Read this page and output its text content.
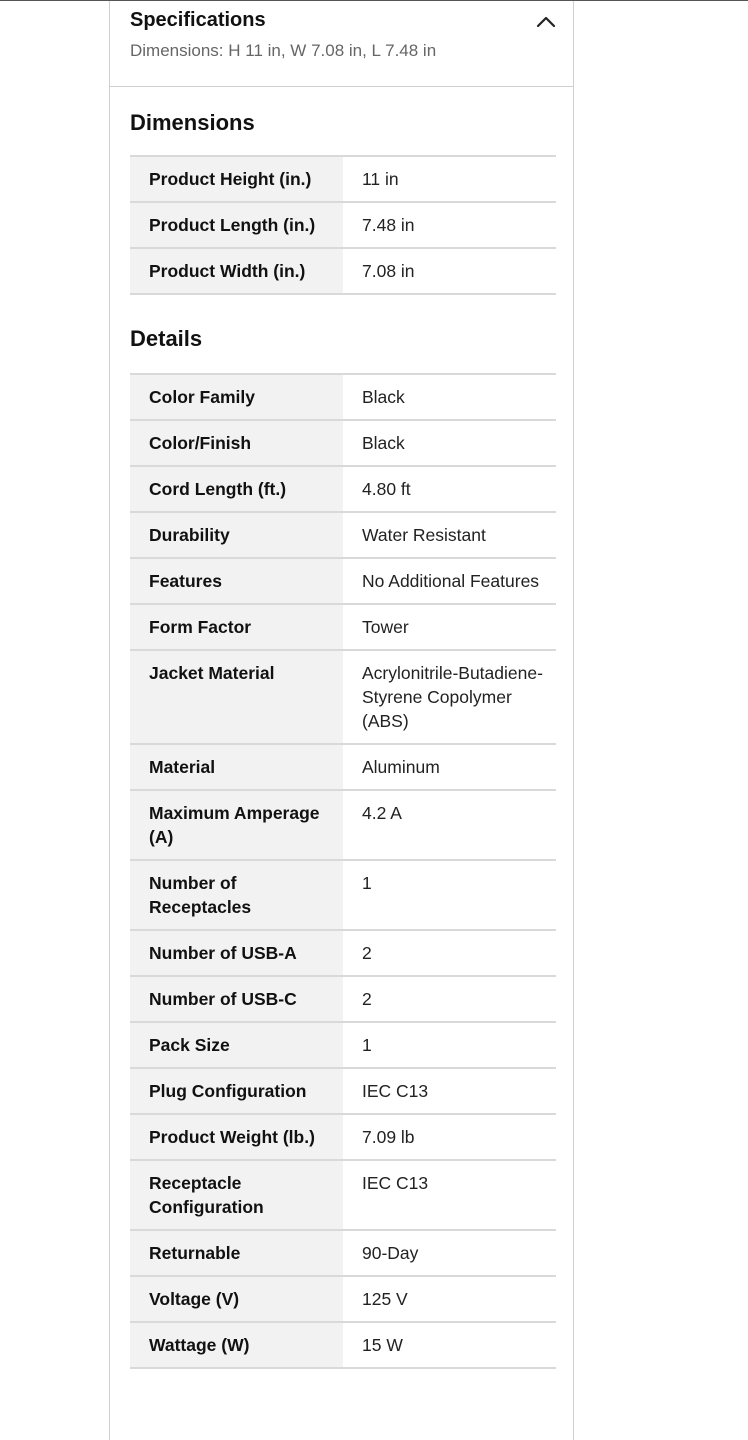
Specifications
Dimensions: H 11 in, W 7.08 in, L 7.48 in
Dimensions
Product Height (in.)	11 in
Product Length (in.)	7.48 in
Product Width (in.)	7.08 in
Details
Color Family	Black
Color/Finish	Black
Cord Length (ft.)	4.80 ft
Durability	Water Resistant
Features	No Additional Features
Form Factor	Tower
Jacket Material	Acrylonitrile-Butadiene-Styrene Copolymer (ABS)
Material	Aluminum
Maximum Amperage (A)	4.2 A
Number of Receptacles	1
Number of USB-A	2
Number of USB-C	2
Pack Size	1
Plug Configuration	IEC C13
Product Weight (lb.)	7.09 lb
Receptacle Configuration	IEC C13
Returnable	90-Day
Voltage (V)	125 V
Wattage (W)	15 W
